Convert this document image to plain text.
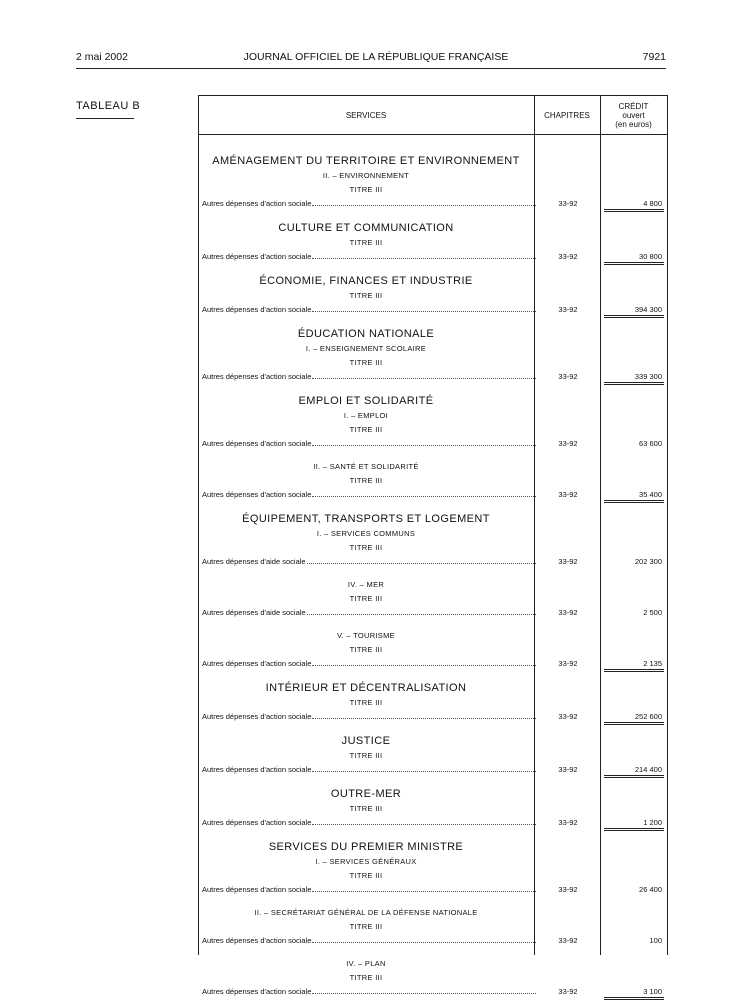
2 mai 2002	JOURNAL OFFICIEL DE LA RÉPUBLIQUE FRANÇAISE	7921
TABLEAU B
SERVICES	CHAPITRES
CRÉDIT
ouvert
(en euros)
AMÉNAGEMENT DU TERRITOIRE ET ENVIRONNEMENT
II. – ENVIRONNEMENT
TITRE III
Autres dépenses d'action sociale	33-92	4 800
CULTURE ET COMMUNICATION
TITRE III
Autres dépenses d'action sociale	33-92	30 800
ÉCONOMIE, FINANCES ET INDUSTRIE
TITRE III
Autres dépenses d'action sociale	33-92	394 300
ÉDUCATION NATIONALE
I. – ENSEIGNEMENT SCOLAIRE
TITRE III
Autres dépenses d'action sociale	33-92	339 300
EMPLOI ET SOLIDARITÉ
I. – EMPLOI
TITRE III
Autres dépenses d'action sociale	33-92	63 600
II. – SANTÉ ET SOLIDARITÉ
TITRE III
Autres dépenses d'action sociale	33-92	35 400
ÉQUIPEMENT, TRANSPORTS ET LOGEMENT
I. – SERVICES COMMUNS
TITRE III
Autres dépenses d'aide sociale	33-92	202 300
IV. – MER
TITRE III
Autres dépenses d'aide sociale	33-92	2 500
V. – TOURISME
TITRE III
Autres dépenses d'action sociale	33-92	2 135
INTÉRIEUR ET DÉCENTRALISATION
TITRE III
Autres dépenses d'action sociale	33-92	252 600
JUSTICE
TITRE III
Autres dépenses d'action sociale	33-92	214 400
OUTRE-MER
TITRE III
Autres dépenses d'action sociale	33-92	1 200
SERVICES DU PREMIER MINISTRE
I. – SERVICES GÉNÉRAUX
TITRE III
Autres dépenses d'action sociale	33-92	26 400
II. – SECRÉTARIAT GÉNÉRAL DE LA DÉFENSE NATIONALE
TITRE III
Autres dépenses d'action sociale	33-92	100
IV. – PLAN
TITRE III
Autres dépenses d'action sociale	33-92	3 100
